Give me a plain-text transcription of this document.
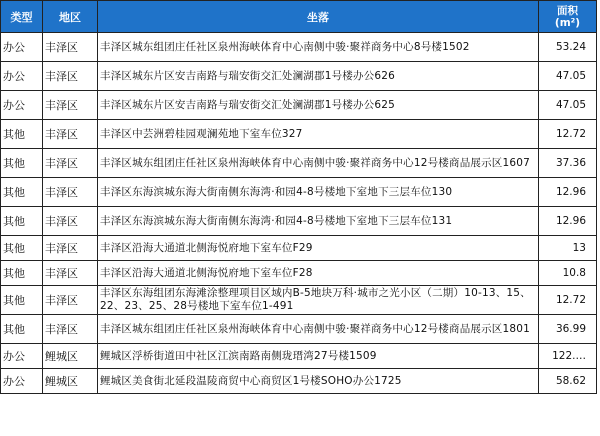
类型	地区	坐落	面积
(m²)

办公	丰泽区	丰泽区城东组团庄任社区泉州海峡体育中心南侧中骏·聚祥商务中心8号楼1502	53.24
办公	丰泽区	丰泽区城东片区安吉南路与瑞安街交汇处澜湖郡1号楼办公626	47.05
办公	丰泽区	丰泽区城东片区安吉南路与瑞安街交汇处澜湖郡1号楼办公625	47.05
其他	丰泽区	丰泽区中芸洲碧桂园观澜苑地下室车位327	12.72
其他	丰泽区	丰泽区城东组团庄任社区泉州海峡体育中心南侧中骏·聚祥商务中心12号楼商品展示区1607	37.36
其他	丰泽区	丰泽区东海滨城东海大街南侧东海湾·和园4-8号楼地下室地下三层车位130	12.96
其他	丰泽区	丰泽区东海滨城东海大街南侧东海湾·和园4-8号楼地下室地下三层车位131	12.96
其他	丰泽区	丰泽区沿海大通道北侧海悦府地下室车位F29	13
其他	丰泽区	丰泽区沿海大通道北侧海悦府地下室车位F28	10.8
其他	丰泽区	丰泽区东海组团东海滩涂整理项目区域内B-5地块万科·城市之光小区（二期）10-13、15、22、23、25、28号楼地下室车位1-491	12.72
其他	丰泽区	丰泽区城东组团庄任社区泉州海峡体育中心南侧中骏·聚祥商务中心12号楼商品展示区1801	36.99
办公	鲤城区	鲤城区浮桥街道田中社区江滨南路南侧珑瑨湾27号楼1509	122.…
办公	鲤城区	鲤城区美食街北延段温陵商贸中心商贸区1号楼SOHO办公1725	58.62
